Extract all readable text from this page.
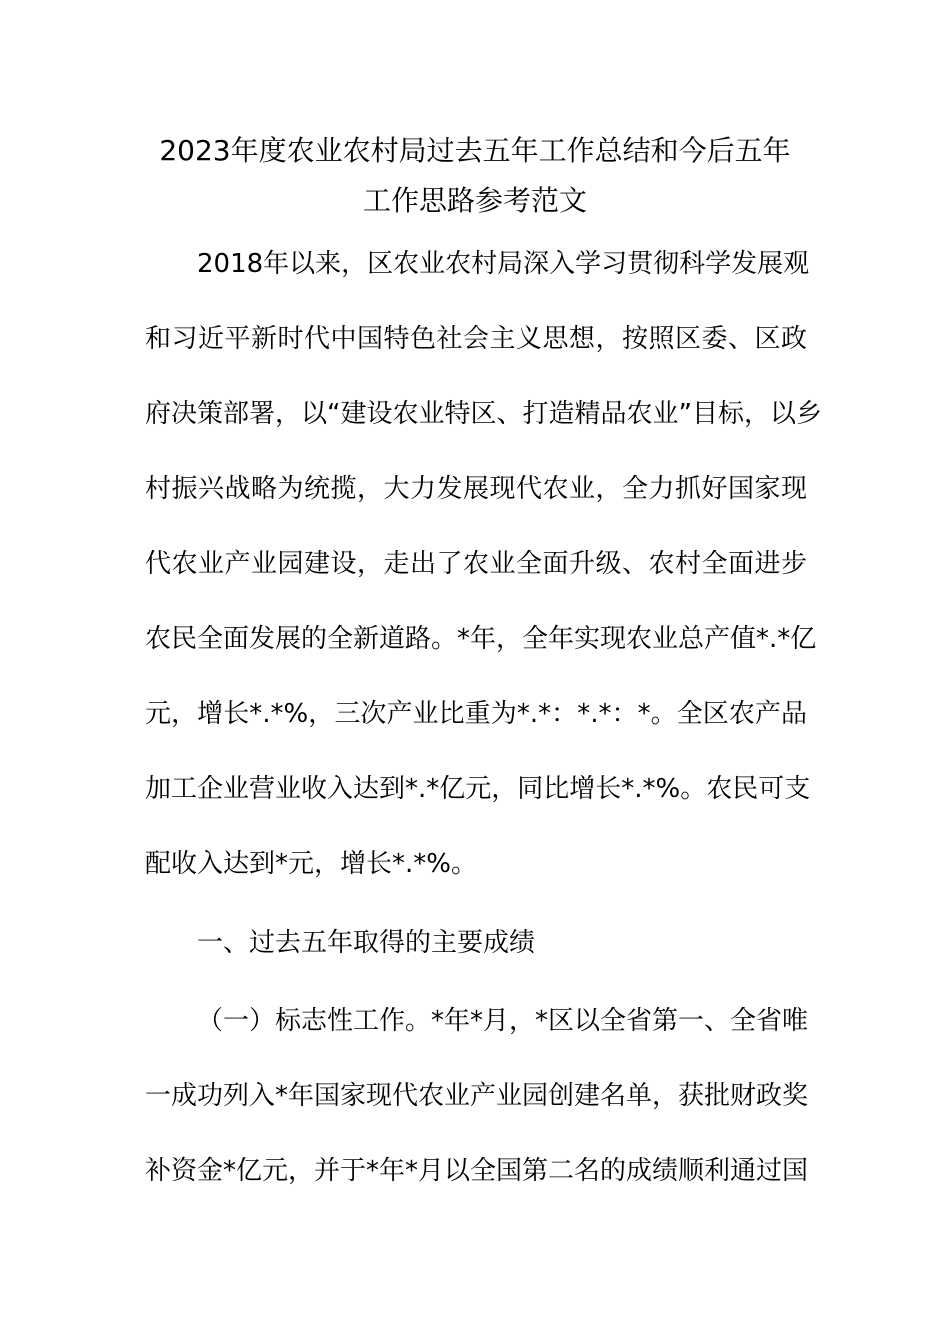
2023年度农业农村局过去五年工作总结和今后五年
工作思路参考范文
2018年以来，区农业农村局深入学习贯彻科学发展观
和习近平新时代中国特色社会主义思想，按照区委、区政
府决策部署，以“建设农业特区、打造精品农业”目标，以乡
村振兴战略为统揽，大力发展现代农业，全力抓好国家现
代农业产业园建设，走出了农业全面升级、农村全面进步
农民全面发展的全新道路。*年，全年实现农业总产值*.*亿
元，增长*.*%，三次产业比重为*.*：*.*：*。全区农产品
加工企业营业收入达到*.*亿元，同比增长*.*%。农民可支
配收入达到*元，增长*.*%。
一、过去五年取得的主要成绩
（一）标志性工作。*年*月，*区以全省第一、全省唯
一成功列入*年国家现代农业产业园创建名单，获批财政奖
补资金*亿元，并于*年*月以全国第二名的成绩顺利通过国
